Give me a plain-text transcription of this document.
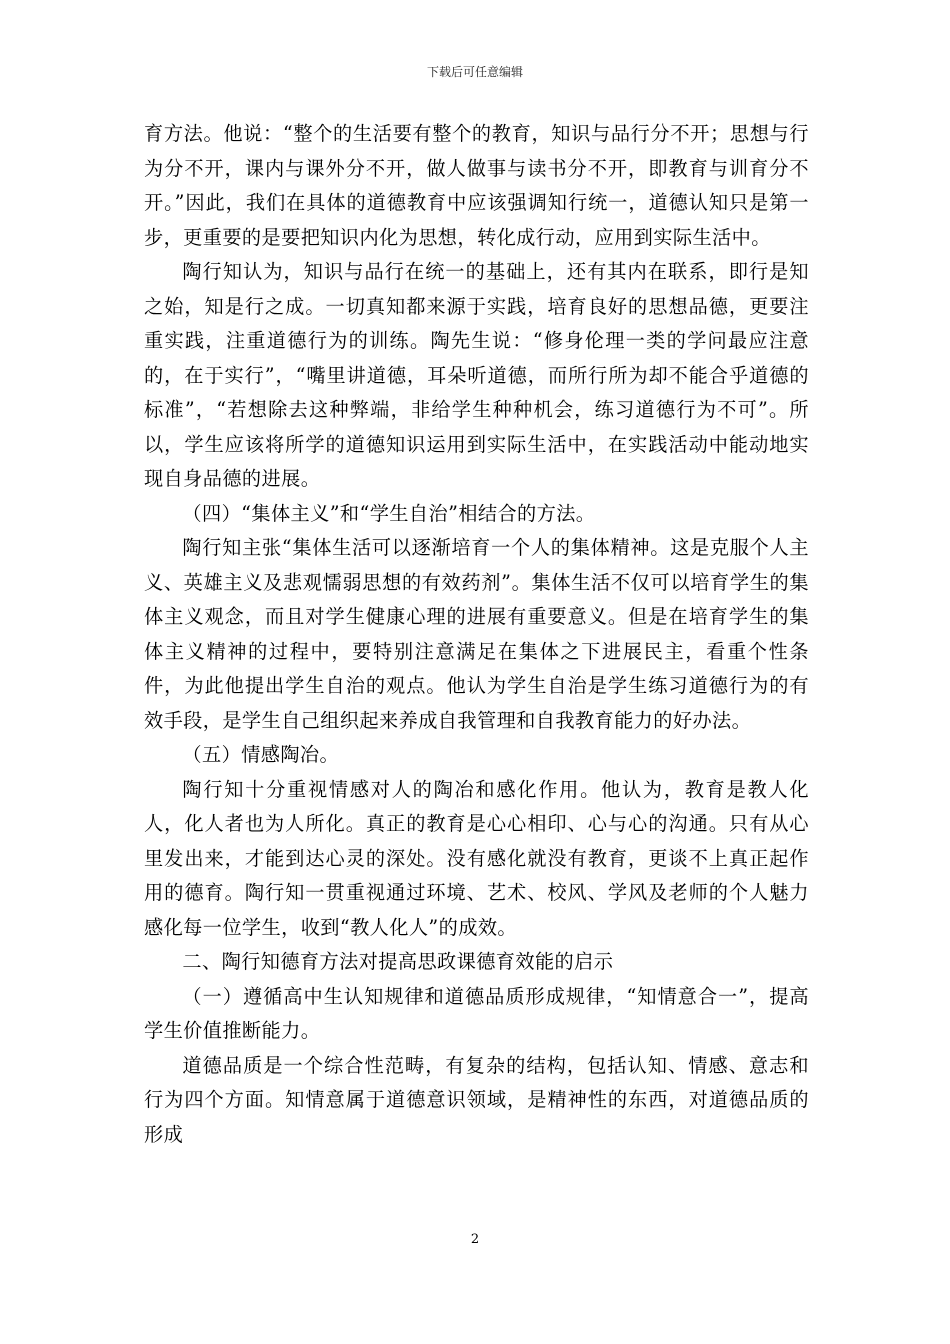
下载后可任意编辑

育方法。他说：“整个的生活要有整个的教育，知识与品行分不开；思想与行为分不开，课内与课外分不开，做人做事与读书分不开，即教育与训育分不开。”因此，我们在具体的道德教育中应该强调知行统一，道德认知只是第一步，更重要的是要把知识内化为思想，转化成行动，应用到实际生活中。

陶行知认为，知识与品行在统一的基础上，还有其内在联系，即行是知之始，知是行之成。一切真知都来源于实践，培育良好的思想品德，更要注重实践，注重道德行为的训练。陶先生说：“修身伦理一类的学问最应注意的，在于实行”，“嘴里讲道德，耳朵听道德，而所行所为却不能合乎道德的标准”，“若想除去这种弊端，非给学生种种机会，练习道德行为不可”。所以，学生应该将所学的道德知识运用到实际生活中，在实践活动中能动地实现自身品德的进展。

（四）“集体主义”和“学生自治”相结合的方法。

陶行知主张“集体生活可以逐渐培育一个人的集体精神。这是克服个人主义、英雄主义及悲观懦弱思想的有效药剂”。集体生活不仅可以培育学生的集体主义观念，而且对学生健康心理的进展有重要意义。但是在培育学生的集体主义精神的过程中，要特别注意满足在集体之下进展民主，看重个性条件，为此他提出学生自治的观点。他认为学生自治是学生练习道德行为的有效手段，是学生自己组织起来养成自我管理和自我教育能力的好办法。

（五）情感陶冶。

陶行知十分重视情感对人的陶冶和感化作用。他认为，教育是教人化人，化人者也为人所化。真正的教育是心心相印、心与心的沟通。只有从心里发出来，才能到达心灵的深处。没有感化就没有教育，更谈不上真正起作用的德育。陶行知一贯重视通过环境、艺术、校风、学风及老师的个人魅力感化每一位学生，收到“教人化人”的成效。

二、陶行知德育方法对提高思政课德育效能的启示

（一）遵循高中生认知规律和道德品质形成规律，“知情意合一”，提高学生价值推断能力。

道德品质是一个综合性范畴，有复杂的结构，包括认知、情感、意志和行为四个方面。知情意属于道德意识领域，是精神性的东西，对道德品质的形成

2
